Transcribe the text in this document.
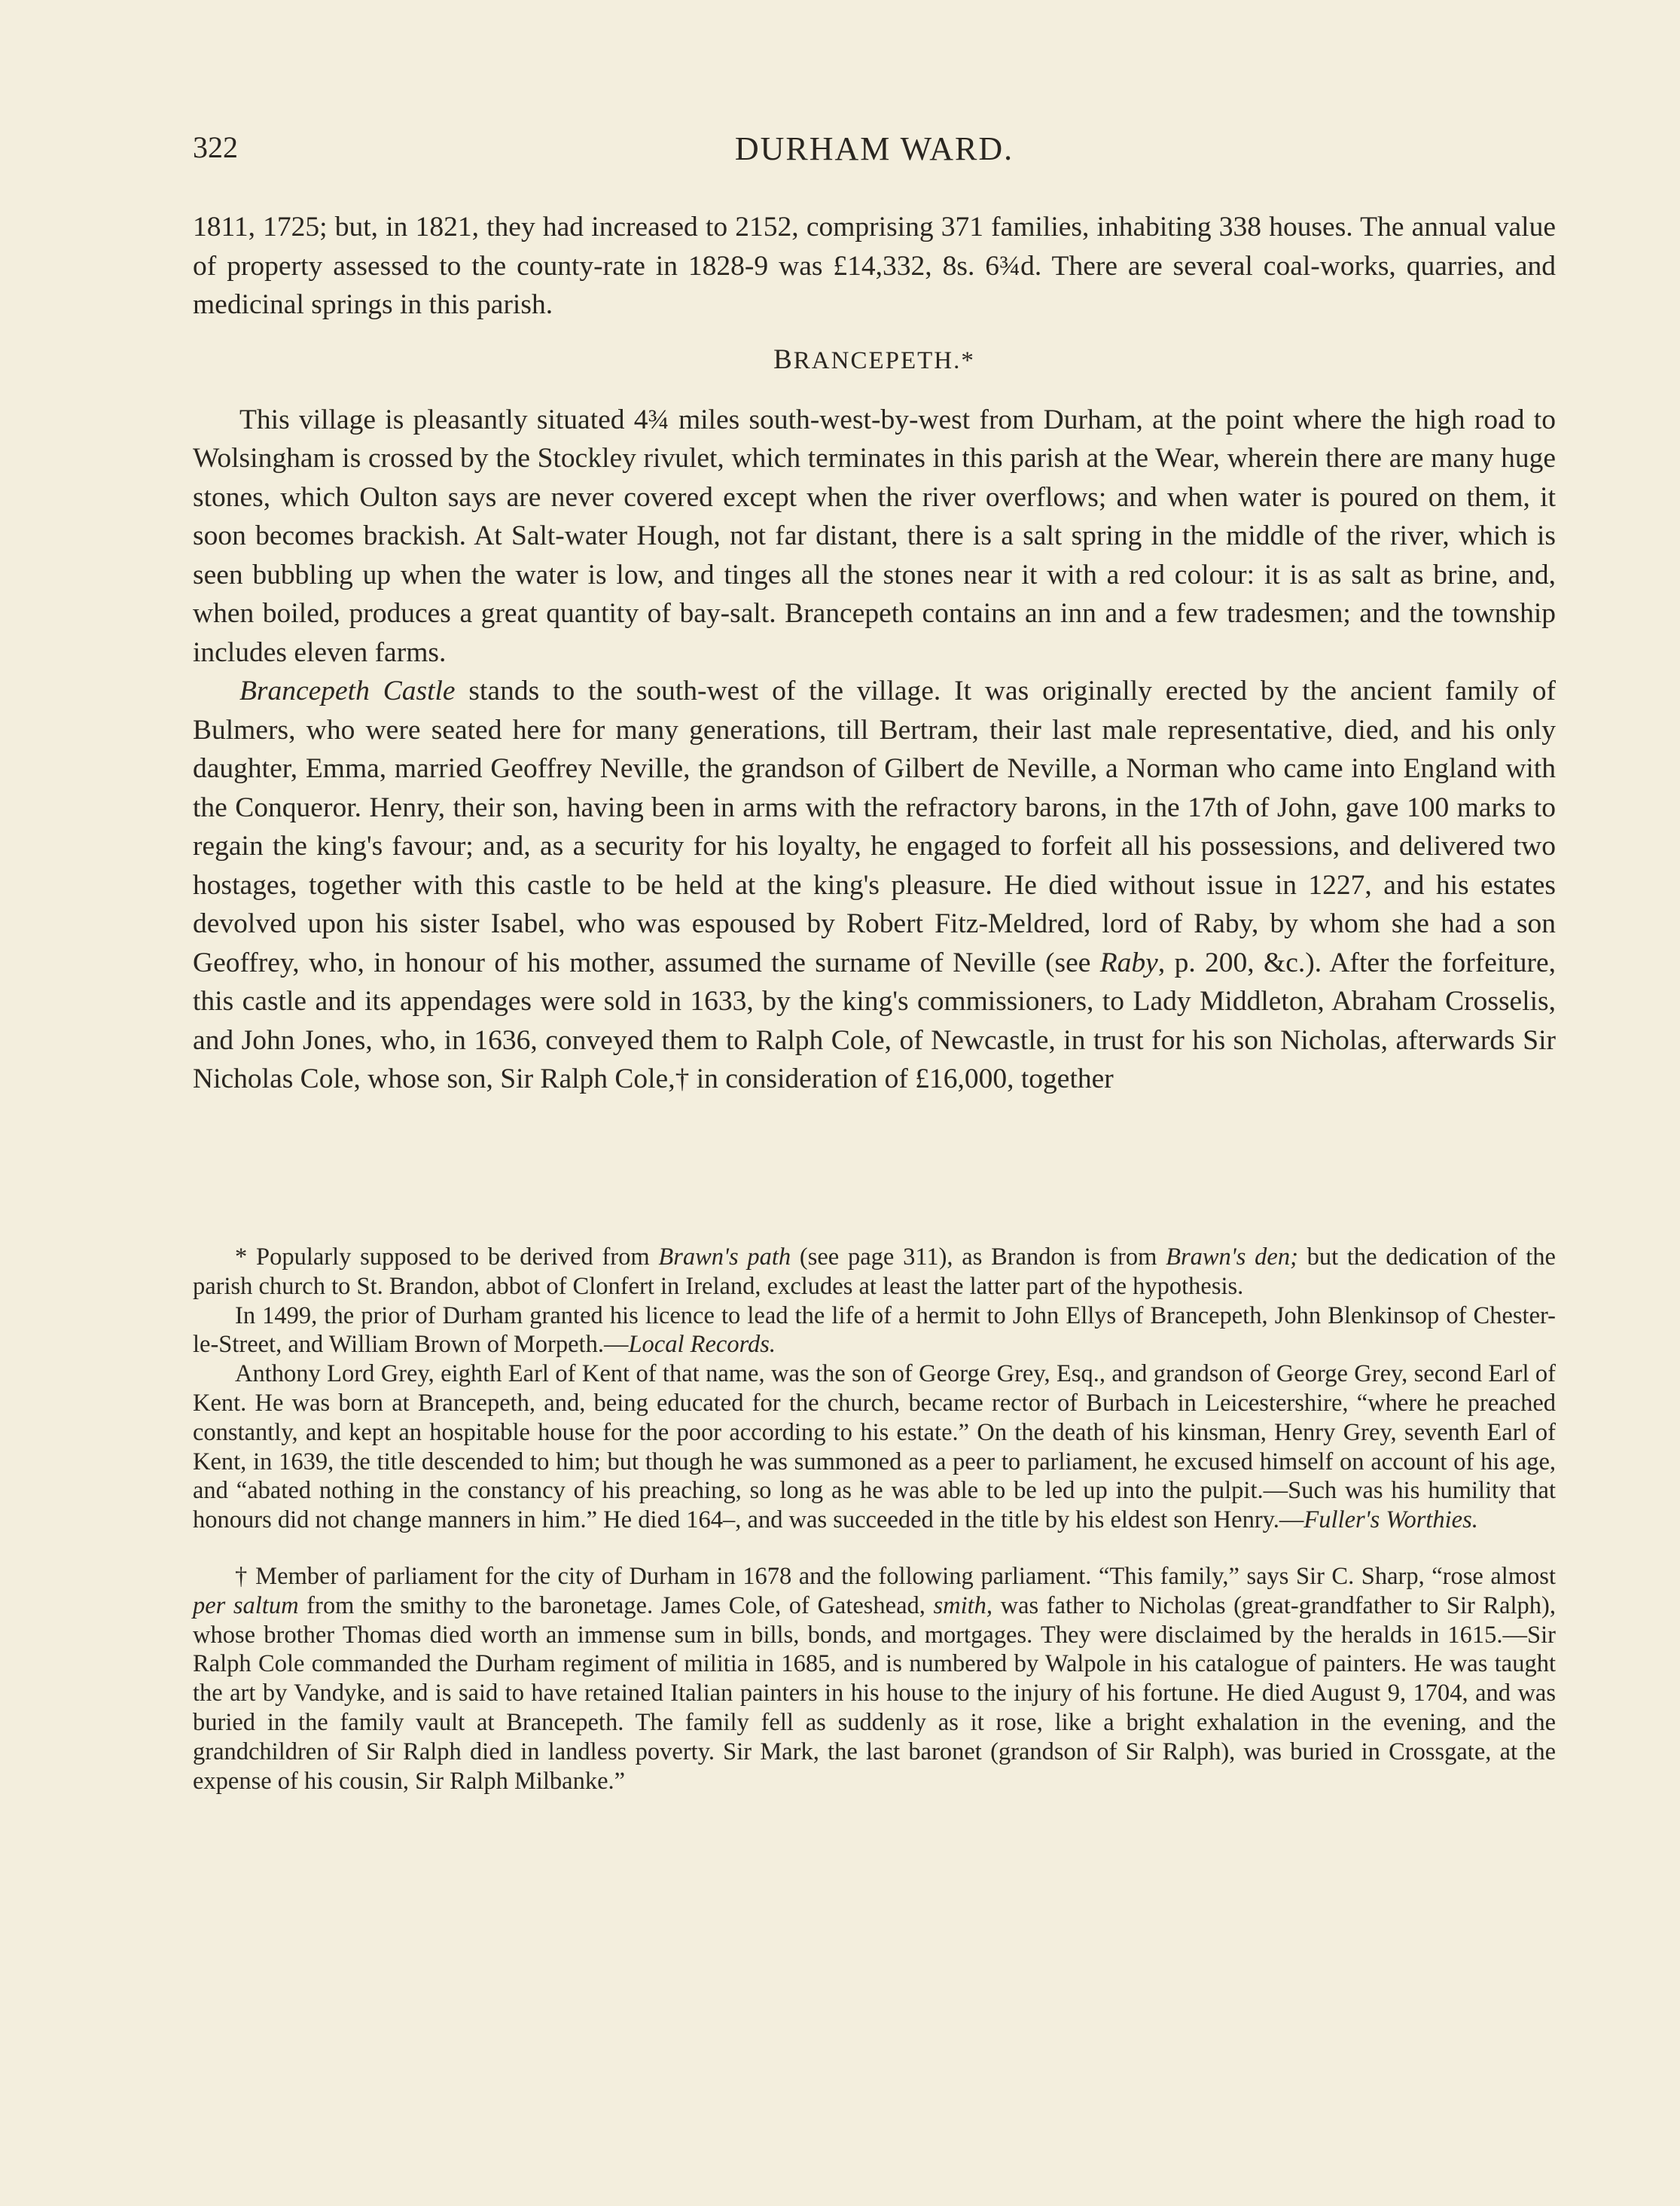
322	DURHAM WARD.

1811, 1725; but, in 1821, they had increased to 2152, comprising 371 families, inhabiting 338 houses. The annual value of property assessed to the county-rate in 1828-9 was £14,332, 8s. 6¾d. There are several coal-works, quarries, and medicinal springs in this parish.

BRANCEPETH.*

This village is pleasantly situated 4¾ miles south-west-by-west from Durham, at the point where the high road to Wolsingham is crossed by the Stockley rivulet, which terminates in this parish at the Wear, wherein there are many huge stones, which Oulton says are never covered except when the river overflows; and when water is poured on them, it soon becomes brackish. At Salt-water Hough, not far distant, there is a salt spring in the middle of the river, which is seen bubbling up when the water is low, and tinges all the stones near it with a red colour: it is as salt as brine, and, when boiled, produces a great quantity of bay-salt. Brancepeth contains an inn and a few tradesmen; and the township includes eleven farms.

Brancepeth Castle stands to the south-west of the village. It was originally erected by the ancient family of Bulmers, who were seated here for many generations, till Bertram, their last male representative, died, and his only daughter, Emma, married Geoffrey Neville, the grandson of Gilbert de Neville, a Norman who came into England with the Conqueror. Henry, their son, having been in arms with the refractory barons, in the 17th of John, gave 100 marks to regain the king's favour; and, as a security for his loyalty, he engaged to forfeit all his possessions, and delivered two hostages, together with this castle to be held at the king's pleasure. He died without issue in 1227, and his estates devolved upon his sister Isabel, who was espoused by Robert Fitz-Meldred, lord of Raby, by whom she had a son Geoffrey, who, in honour of his mother, assumed the surname of Neville (see Raby, p. 200, &c.). After the forfeiture, this castle and its appendages were sold in 1633, by the king's commissioners, to Lady Middleton, Abraham Crosselis, and John Jones, who, in 1636, conveyed them to Ralph Cole, of Newcastle, in trust for his son Nicholas, afterwards Sir Nicholas Cole, whose son, Sir Ralph Cole,† in consideration of £16,000, together

* Popularly supposed to be derived from Brawn's path (see page 311), as Brandon is from Brawn's den; but the dedication of the parish church to St. Brandon, abbot of Clonfert in Ireland, excludes at least the latter part of the hypothesis.

In 1499, the prior of Durham granted his licence to lead the life of a hermit to John Ellys of Brancepeth, John Blenkinsop of Chester-le-Street, and William Brown of Morpeth.—Local Records.

Anthony Lord Grey, eighth Earl of Kent of that name, was the son of George Grey, Esq., and grandson of George Grey, second Earl of Kent. He was born at Brancepeth, and, being educated for the church, became rector of Burbach in Leicestershire, “where he preached constantly, and kept an hospitable house for the poor according to his estate.” On the death of his kinsman, Henry Grey, seventh Earl of Kent, in 1639, the title descended to him; but though he was summoned as a peer to parliament, he excused himself on account of his age, and “abated nothing in the constancy of his preaching, so long as he was able to be led up into the pulpit.—Such was his humility that honours did not change manners in him.” He died 164–, and was succeeded in the title by his eldest son Henry.—Fuller's Worthies.

† Member of parliament for the city of Durham in 1678 and the following parliament. “This family,” says Sir C. Sharp, “rose almost per saltum from the smithy to the baronetage. James Cole, of Gateshead, smith, was father to Nicholas (great-grandfather to Sir Ralph), whose brother Thomas died worth an immense sum in bills, bonds, and mortgages. They were disclaimed by the heralds in 1615.—Sir Ralph Cole commanded the Durham regiment of militia in 1685, and is numbered by Walpole in his catalogue of painters. He was taught the art by Vandyke, and is said to have retained Italian painters in his house to the injury of his fortune. He died August 9, 1704, and was buried in the family vault at Brancepeth. The family fell as suddenly as it rose, like a bright exhalation in the evening, and the grandchildren of Sir Ralph died in landless poverty. Sir Mark, the last baronet (grandson of Sir Ralph), was buried in Crossgate, at the expense of his cousin, Sir Ralph Milbanke.”
